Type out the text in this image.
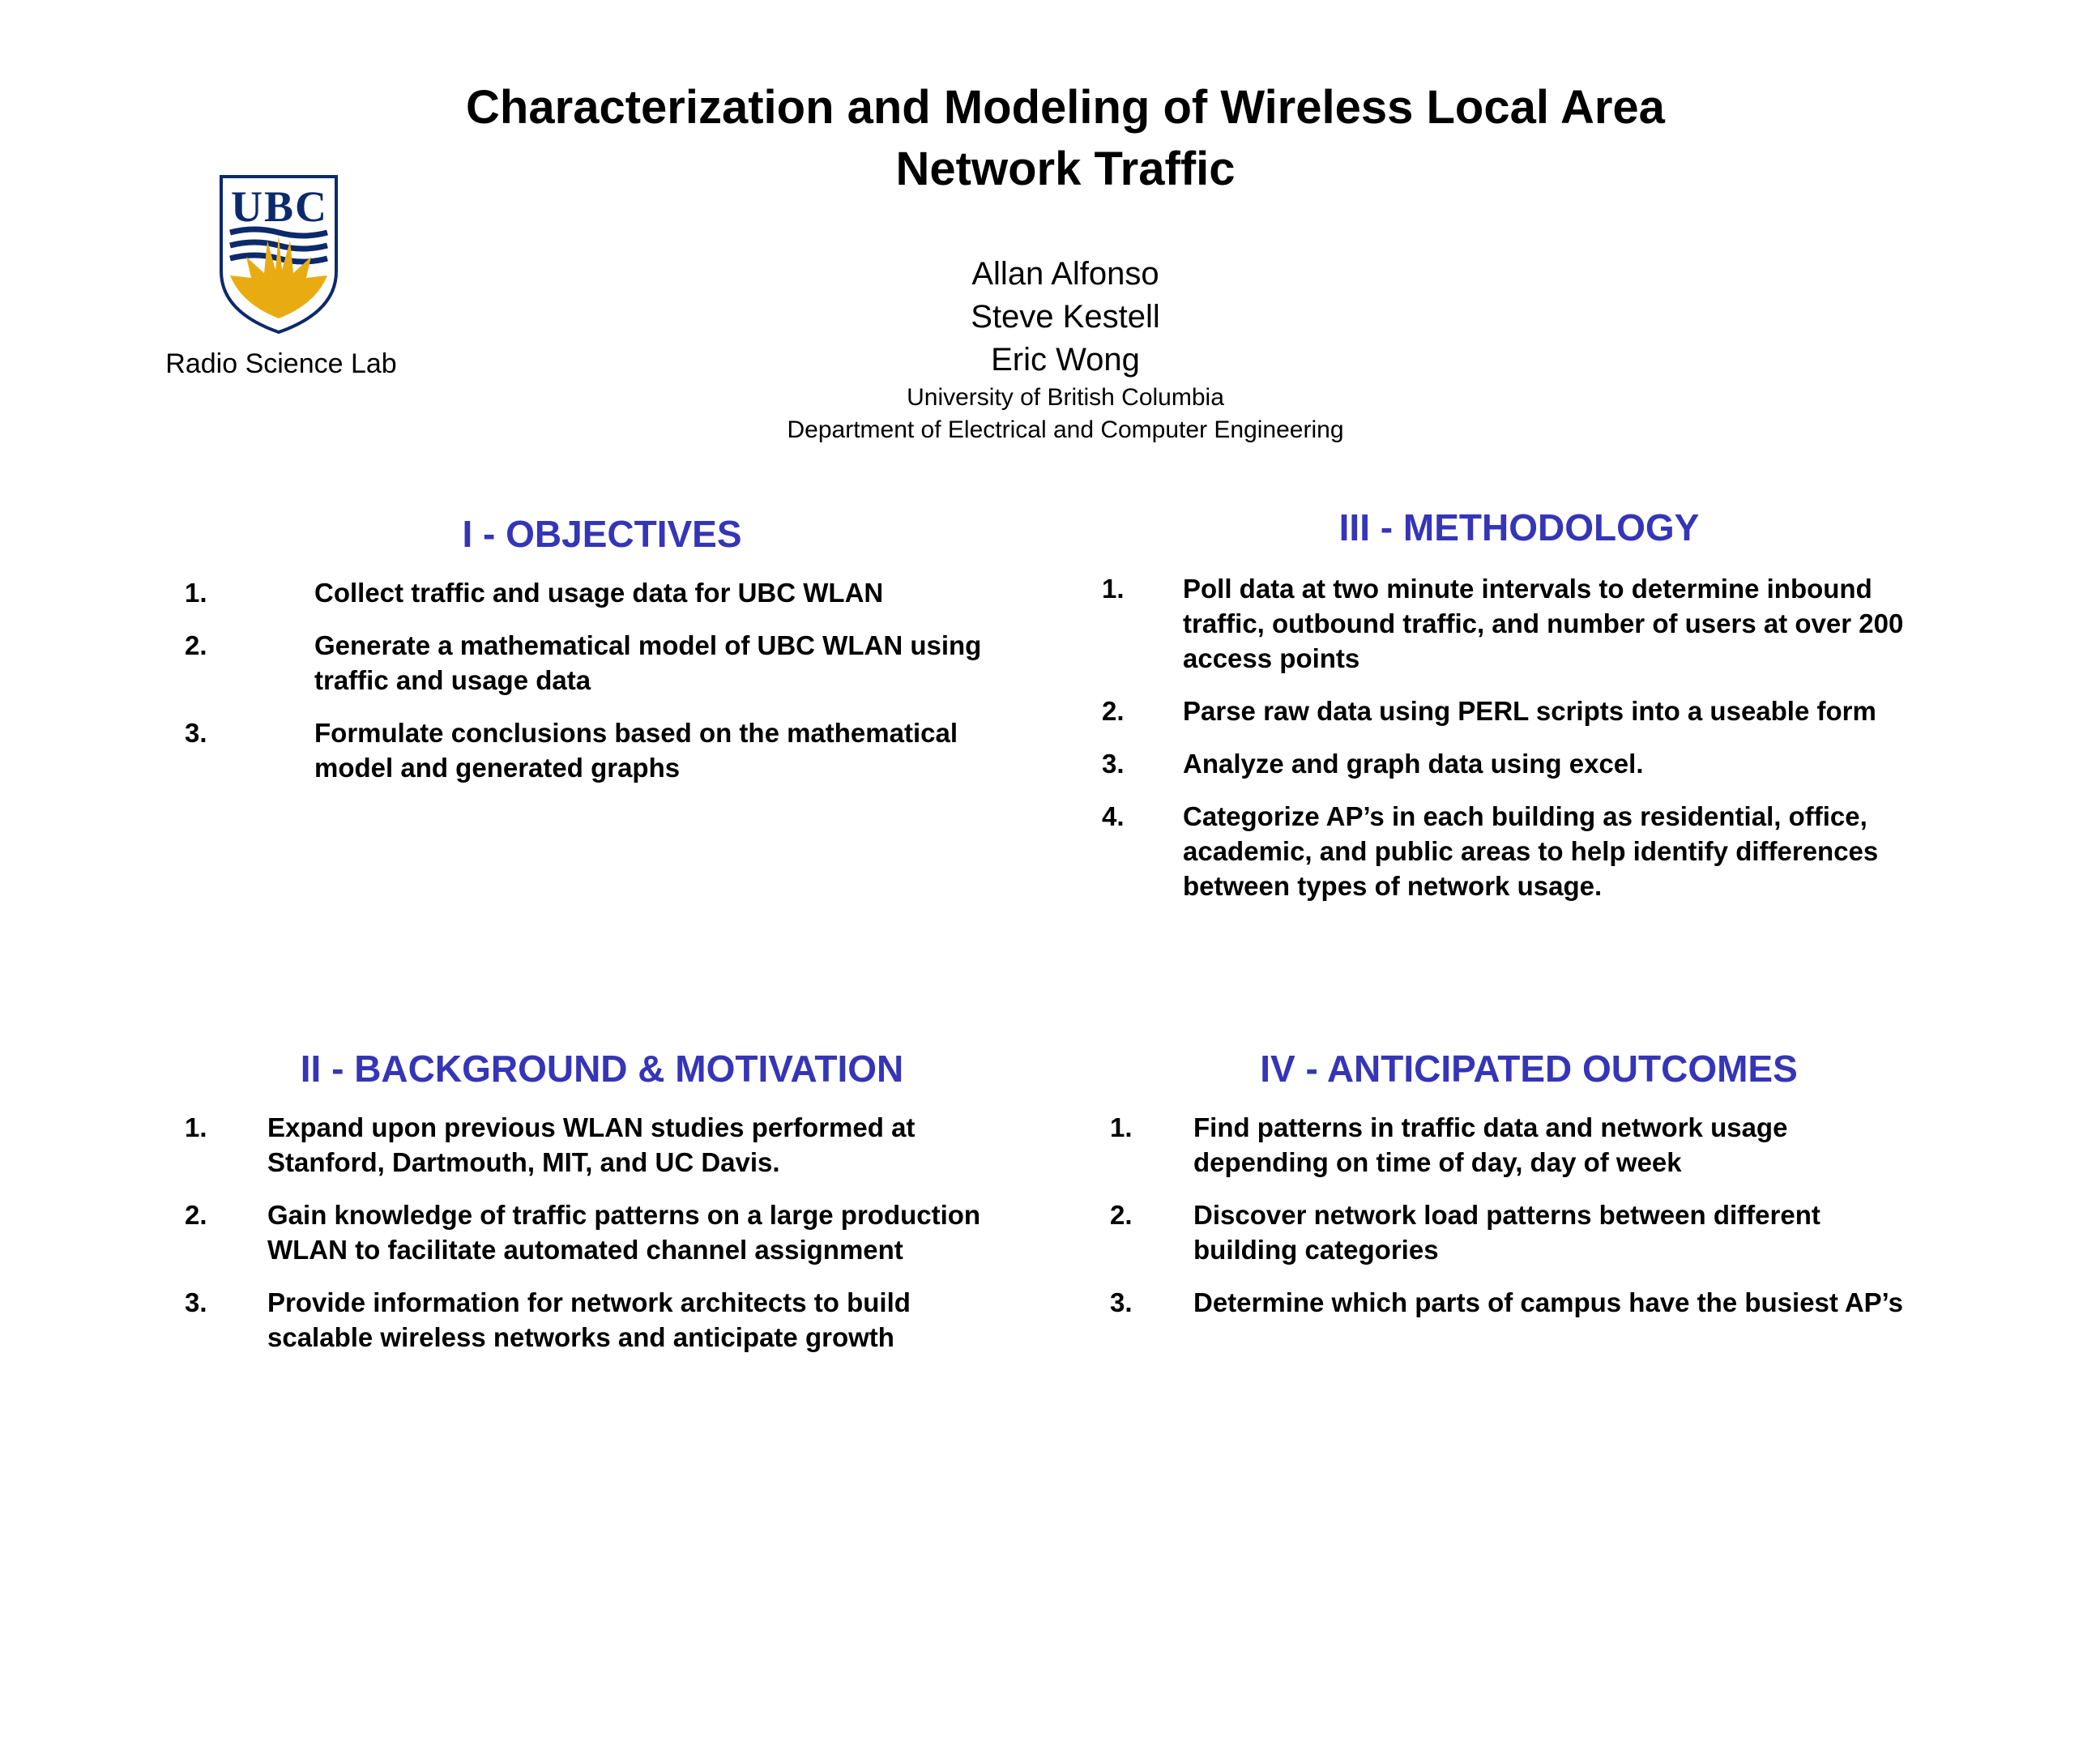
Characterization and Modeling of Wireless Local Area
Network Traffic
UBC
Radio Science Lab
Allan Alfonso
Steve Kestell
Eric Wong
University of British Columbia
Department of Electrical and Computer Engineering
I - OBJECTIVES
1.	Collect traffic and usage data for UBC WLAN
2.	Generate a mathematical model of UBC WLAN using traffic and usage data
3.	Formulate conclusions based on the mathematical model and generated graphs
III - METHODOLOGY
1.	Poll data at two minute intervals to determine inbound traffic, outbound traffic, and number of users at over 200 access points
2.	Parse raw data using PERL scripts into a useable form
3.	Analyze and graph data using excel.
4.	Categorize AP’s in each building as residential, office, academic, and public areas to help identify differences between types of network usage.
II - BACKGROUND & MOTIVATION
1.	Expand upon previous WLAN studies performed at Stanford, Dartmouth, MIT, and UC Davis.
2.	Gain knowledge of traffic patterns on a large production WLAN to facilitate automated channel assignment
3.	Provide information for network architects to build scalable wireless networks and anticipate growth
IV - ANTICIPATED OUTCOMES
1.	Find patterns in traffic data and network usage depending on time of day, day of week
2.	Discover network load patterns between different building categories
3.	Determine which parts of campus have the busiest AP’s
